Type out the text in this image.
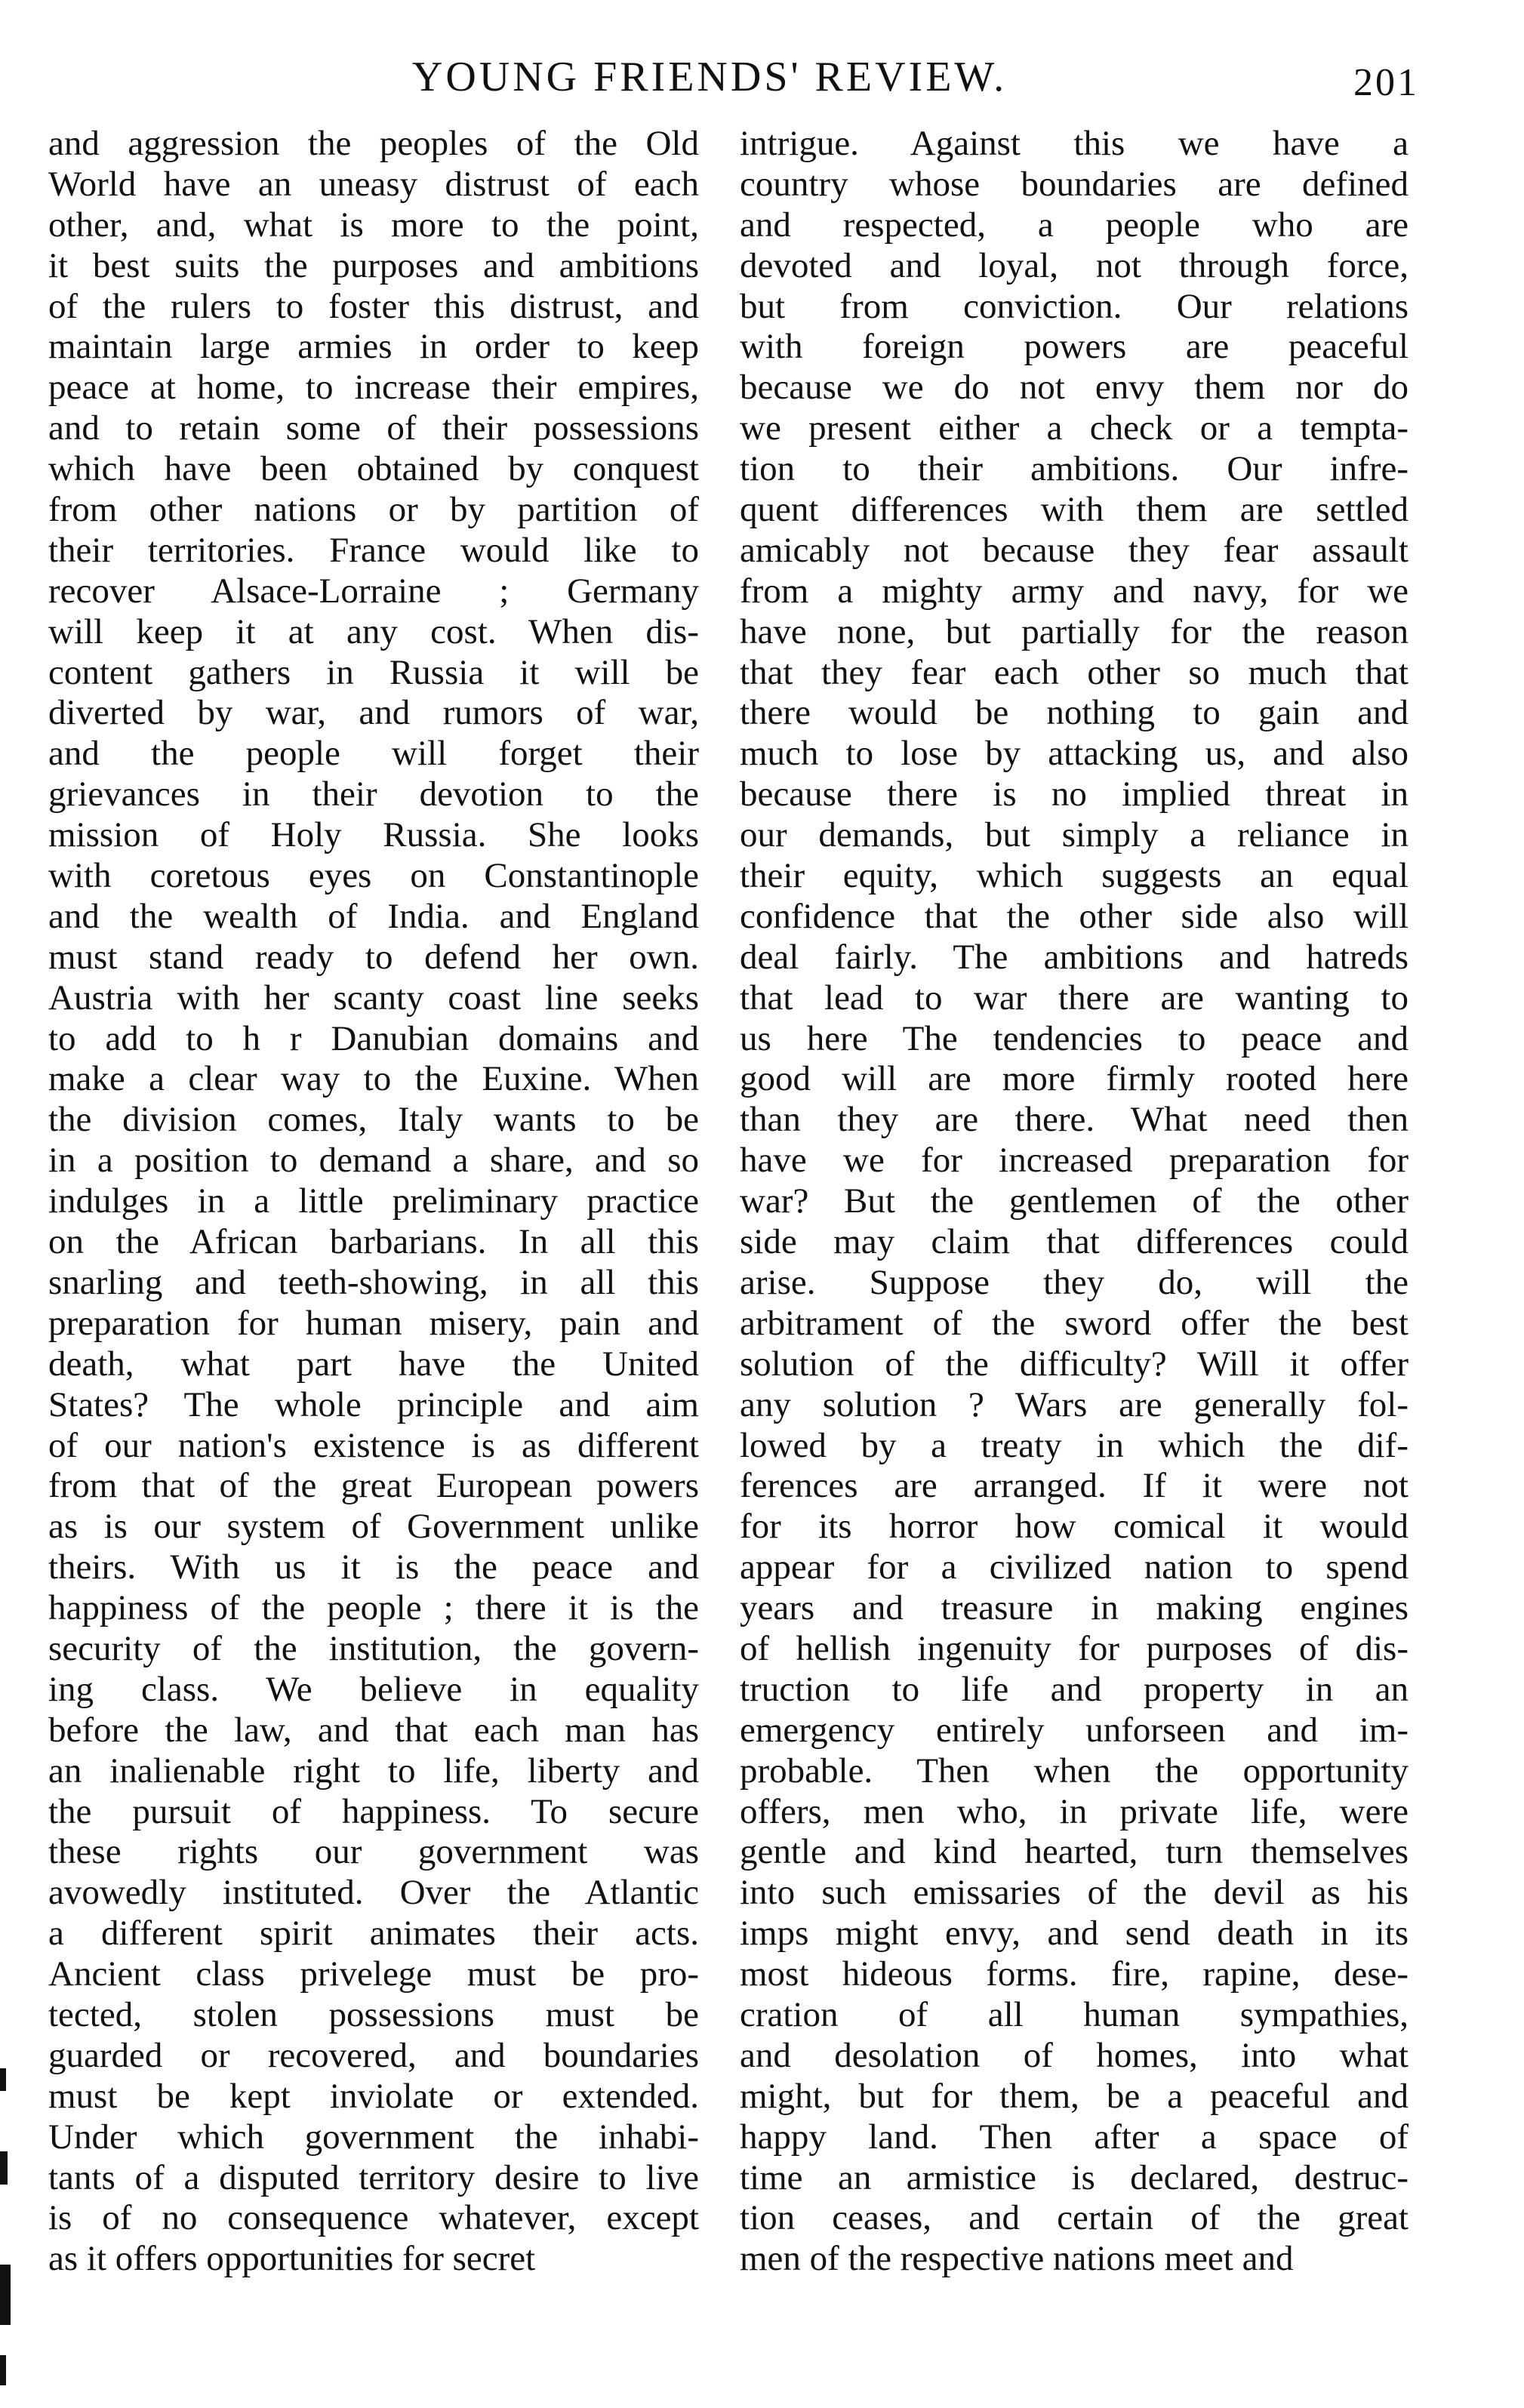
YOUNG FRIENDS' REVIEW.	201
and aggression the peoples of the Old
World have an uneasy distrust of each
other, and, what is more to the point,
it best suits the purposes and ambitions
of the rulers to foster this distrust, and
maintain large armies in order to keep
peace at home, to increase their empires,
and to retain some of their possessions
which have been obtained by conquest
from other nations or by partition of
their territories. France would like to
recover Alsace-Lorraine ; Germany
will keep it at any cost. When dis-
content gathers in Russia it will be
diverted by war, and rumors of war,
and the people will forget their
grievances in their devotion to the
mission of Holy Russia. She looks
with coretous eyes on Constantinople
and the wealth of India. and England
must stand ready to defend her own.
Austria with her scanty coast line seeks
to add to h r Danubian domains and
make a clear way to the Euxine. When
the division comes, Italy wants to be
in a position to demand a share, and so
indulges in a little preliminary practice
on the African barbarians. In all this
snarling and teeth-showing, in all this
preparation for human misery, pain and
death, what part have the United
States? The whole principle and aim
of our nation's existence is as different
from that of the great European powers
as is our system of Government unlike
theirs. With us it is the peace and
happiness of the people ; there it is the
security of the institution, the govern-
ing class. We believe in equality
before the law, and that each man has
an inalienable right to life, liberty and
the pursuit of happiness. To secure
these rights our government was
avowedly instituted. Over the Atlantic
a different spirit animates their acts.
Ancient class privelege must be pro-
tected, stolen possessions must be
guarded or recovered, and boundaries
must be kept inviolate or extended.
Under which government the inhabi-
tants of a disputed territory desire to live
is of no consequence whatever, except
as it offers opportunities for secret
intrigue. Against this we have a
country whose boundaries are defined
and respected, a people who are
devoted and loyal, not through force,
but from conviction. Our relations
with foreign powers are peaceful
because we do not envy them nor do
we present either a check or a tempta-
tion to their ambitions. Our infre-
quent differences with them are settled
amicably not because they fear assault
from a mighty army and navy, for we
have none, but partially for the reason
that they fear each other so much that
there would be nothing to gain and
much to lose by attacking us, and also
because there is no implied threat in
our demands, but simply a reliance in
their equity, which suggests an equal
confidence that the other side also will
deal fairly. The ambitions and hatreds
that lead to war there are wanting to
us here The tendencies to peace and
good will are more firmly rooted here
than they are there. What need then
have we for increased preparation for
war? But the gentlemen of the other
side may claim that differences could
arise. Suppose they do, will the
arbitrament of the sword offer the best
solution of the difficulty? Will it offer
any solution ? Wars are generally fol-
lowed by a treaty in which the dif-
ferences are arranged. If it were not
for its horror how comical it would
appear for a civilized nation to spend
years and treasure in making engines
of hellish ingenuity for purposes of dis-
truction to life and property in an
emergency entirely unforseen and im-
probable. Then when the opportunity
offers, men who, in private life, were
gentle and kind hearted, turn themselves
into such emissaries of the devil as his
imps might envy, and send death in its
most hideous forms. fire, rapine, dese-
cration of all human sympathies,
and desolation of homes, into what
might, but for them, be a peaceful and
happy land. Then after a space of
time an armistice is declared, destruc-
tion ceases, and certain of the great
men of the respective nations meet and
